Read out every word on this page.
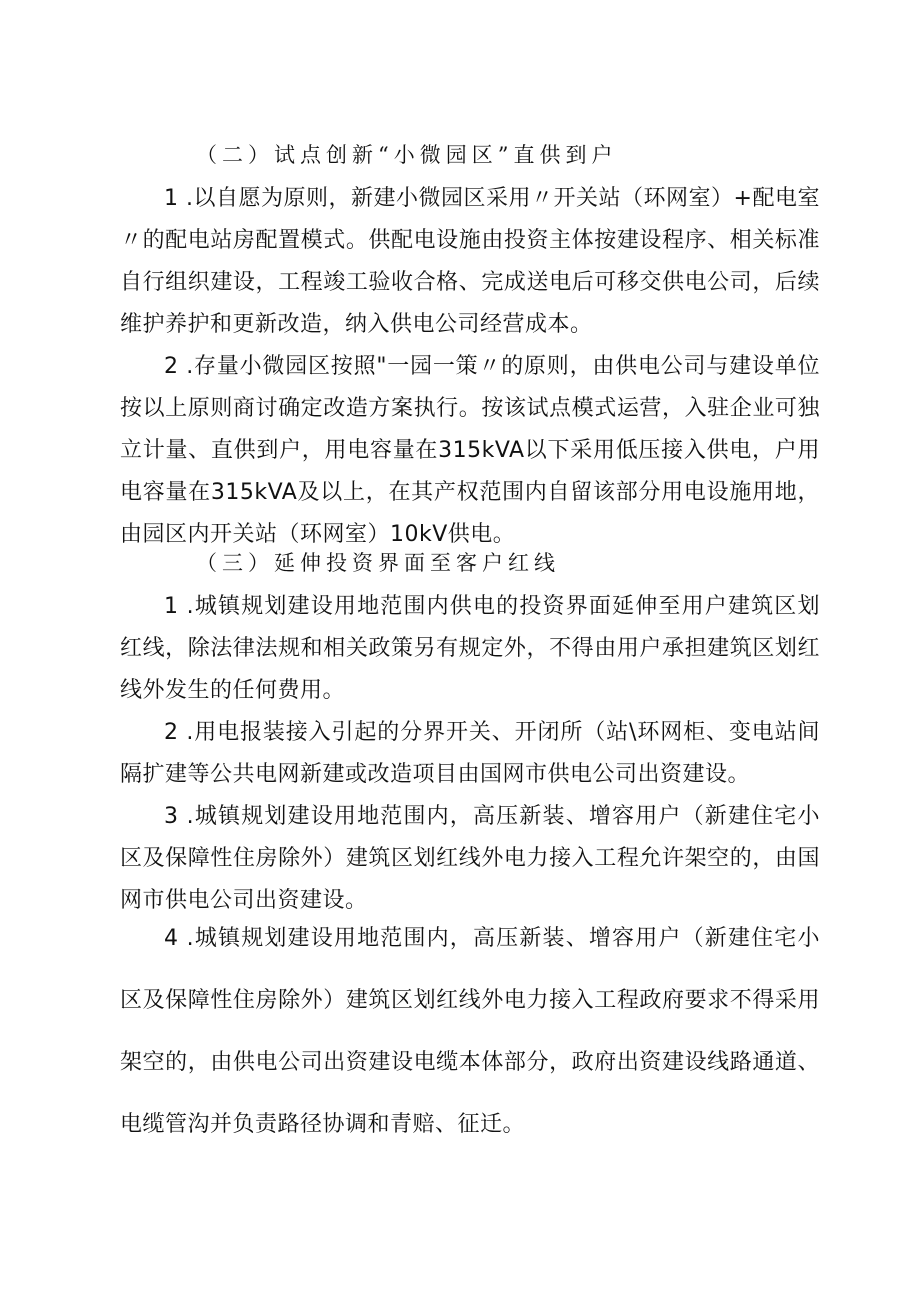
（二）试点创新“小微园区”直供到户
1 .以自愿为原则，新建小微园区采用〃开关站（环网室）+配电室〃的配电站房配置模式。供配电设施由投资主体按建设程序、相关标准自行组织建设，工程竣工验收合格、完成送电后可移交供电公司，后续维护养护和更新改造，纳入供电公司经营成本。
2 .存量小微园区按照"一园一策〃的原则，由供电公司与建设单位按以上原则商讨确定改造方案执行。按该试点模式运营，入驻企业可独立计量、直供到户，用电容量在315kVA以下采用低压接入供电，户用电容量在315kVA及以上，在其产权范围内自留该部分用电设施用地，由园区内开关站（环网室）10kV供电。
（三）延伸投资界面至客户红线
1 .城镇规划建设用地范围内供电的投资界面延伸至用户建筑区划红线，除法律法规和相关政策另有规定外，不得由用户承担建筑区划红线外发生的任何费用。
2 .用电报装接入引起的分界开关、开闭所（站\环网柜、变电站间隔扩建等公共电网新建或改造项目由国网市供电公司出资建设。
3 .城镇规划建设用地范围内，高压新装、增容用户（新建住宅小区及保障性住房除外）建筑区划红线外电力接入工程允许架空的，由国网市供电公司出资建设。
4 .城镇规划建设用地范围内，高压新装、增容用户（新建住宅小区及保障性住房除外）建筑区划红线外电力接入工程政府要求不得采用架空的，由供电公司出资建设电缆本体部分，政府出资建设线路通道、电缆管沟并负责路径协调和青赔、征迁。
